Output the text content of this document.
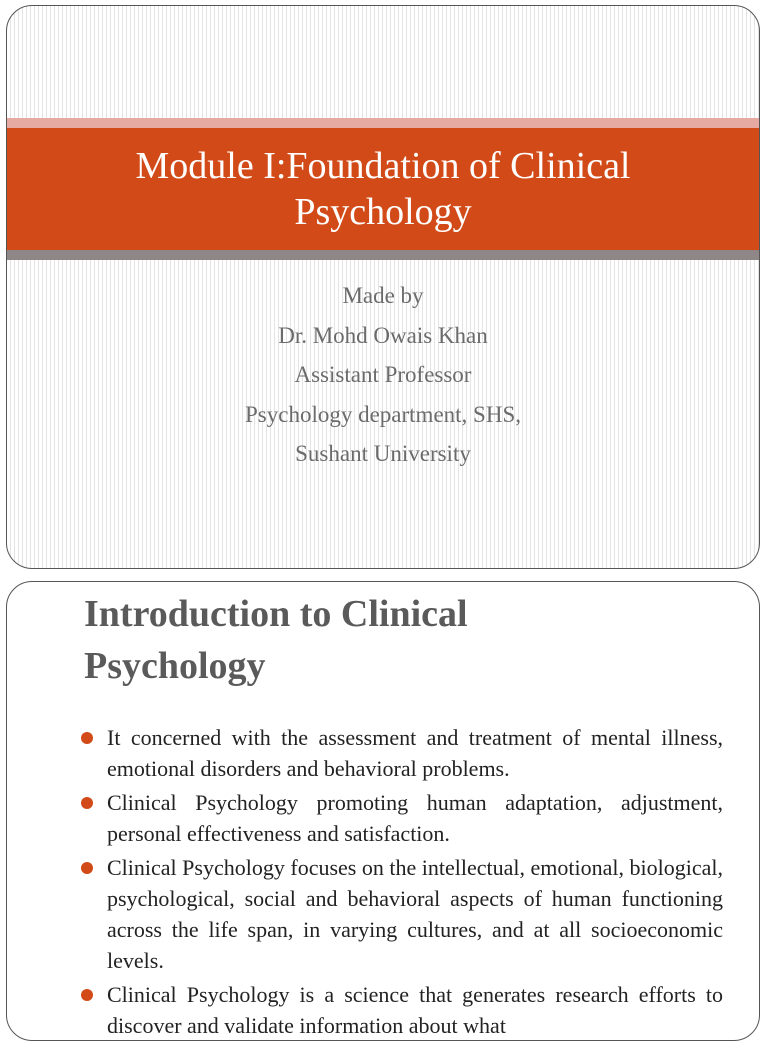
Module I:Foundation of Clinical Psychology
Made by
Dr. Mohd Owais Khan
Assistant Professor
Psychology department, SHS,
Sushant University
Introduction to Clinical Psychology
It concerned with the assessment and treatment of mental illness, emotional disorders and behavioral problems.
Clinical Psychology promoting human adaptation, adjustment, personal effectiveness and satisfaction.
Clinical Psychology focuses on the intellectual, emotional, biological, psychological, social and behavioral aspects of human functioning across the life span, in varying cultures, and at all socioeconomic levels.
Clinical Psychology is a science that generates research efforts to discover and validate information about what
